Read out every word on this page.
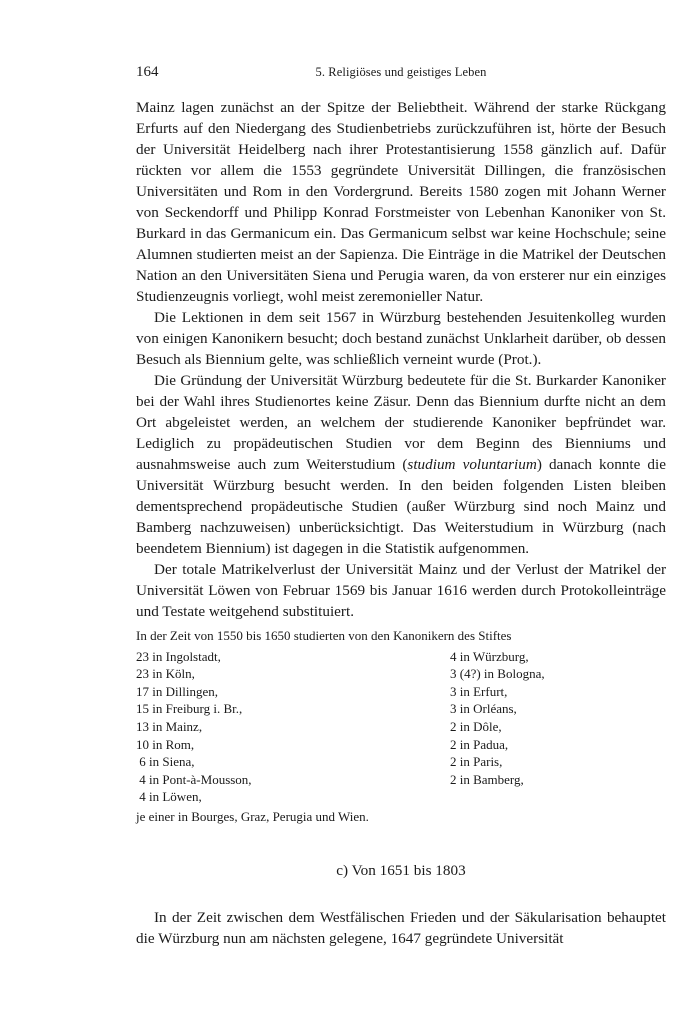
164	5. Religiöses und geistiges Leben

Mainz lagen zunächst an der Spitze der Beliebtheit. Während der starke Rückgang Erfurts auf den Niedergang des Studienbetriebs zurückzuführen ist, hörte der Besuch der Universität Heidelberg nach ihrer Protestantisierung 1558 gänzlich auf. Dafür rückten vor allem die 1553 gegründete Universität Dillingen, die französischen Universitäten und Rom in den Vordergrund. Bereits 1580 zogen mit Johann Werner von Seckendorff und Philipp Konrad Forstmeister von Lebenhan Kanoniker von St. Burkard in das Germanicum ein. Das Germanicum selbst war keine Hochschule; seine Alumnen studierten meist an der Sapienza. Die Einträge in die Matrikel der Deutschen Nation an den Universitäten Siena und Perugia waren, da von ersterer nur ein einziges Studienzeugnis vorliegt, wohl meist zeremonieller Natur.

Die Lektionen in dem seit 1567 in Würzburg bestehenden Jesuitenkolleg wurden von einigen Kanonikern besucht; doch bestand zunächst Unklarheit darüber, ob dessen Besuch als Biennium gelte, was schließlich verneint wurde (Prot.).

Die Gründung der Universität Würzburg bedeutete für die St. Burkarder Kanoniker bei der Wahl ihres Studienortes keine Zäsur. Denn das Biennium durfte nicht an dem Ort abgeleistet werden, an welchem der studierende Kanoniker bepfründet war. Lediglich zu propädeutischen Studien vor dem Beginn des Bienniums und ausnahmsweise auch zum Weiterstudium (studium voluntarium) danach konnte die Universität Würzburg besucht werden. In den beiden folgenden Listen bleiben dementsprechend propädeutische Studien (außer Würzburg sind noch Mainz und Bamberg nachzuweisen) unberücksichtigt. Das Weiterstudium in Würzburg (nach beendetem Biennium) ist dagegen in die Statistik aufgenommen.

Der totale Matrikelverlust der Universität Mainz und der Verlust der Matrikel der Universität Löwen von Februar 1569 bis Januar 1616 werden durch Protokolleinträge und Testate weitgehend substituiert.

In der Zeit von 1550 bis 1650 studierten von den Kanonikern des Stiftes

23 in Ingolstadt,
23 in Köln,
17 in Dillingen,
15 in Freiburg i. Br.,
13 in Mainz,
10 in Rom,
6 in Siena,
4 in Pont-à-Mousson,
4 in Löwen,
4 in Würzburg,
3 (4?) in Bologna,
3 in Erfurt,
3 in Orléans,
2 in Dôle,
2 in Padua,
2 in Paris,
2 in Bamberg,

je einer in Bourges, Graz, Perugia und Wien.

c) Von 1651 bis 1803

In der Zeit zwischen dem Westfälischen Frieden und der Säkularisation behauptet die Würzburg nun am nächsten gelegene, 1647 gegründete Universität
